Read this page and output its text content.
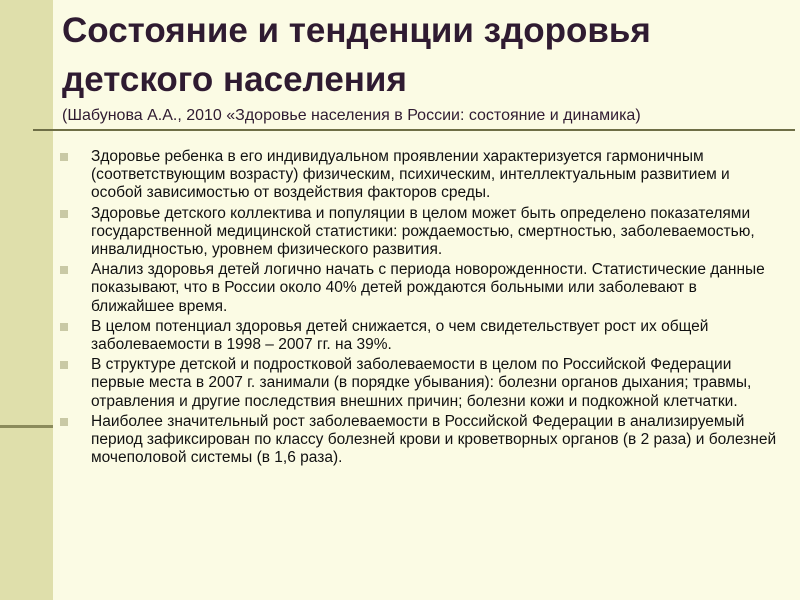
Состояние и тенденции здоровья детского населения

(Шабунова А.А., 2010 «Здоровье населения в России: состояние и динамика)

Здоровье ребенка в его индивидуальном проявлении характеризуется гармоничным (соответствующим возрасту) физическим, психическим, интеллектуальным развитием и особой зависимостью от воздействия факторов среды.
Здоровье детского коллектива и популяции в целом может быть определено показателями государственной медицинской статистики: рождаемостью, смертностью, заболеваемостью, инвалидностью, уровнем физического развития.
Анализ здоровья детей логично начать с периода новорожденности. Статистические данные показывают, что в России около 40% детей рождаются больными или заболевают в ближайшее время.
В целом потенциал здоровья детей снижается, о чем свидетельствует рост их общей заболеваемости в 1998 – 2007 гг. на 39%.
В структуре детской и подростковой заболеваемости в целом по Российской Федерации первые места в 2007 г. занимали (в порядке убывания): болезни органов дыхания; травмы, отравления и другие последствия внешних причин; болезни кожи и подкожной клетчатки.
Наиболее значительный рост заболеваемости в Российской Федерации в анализируемый период зафиксирован по классу болезней крови и кроветворных органов (в 2 раза) и болезней мочеполовой системы (в 1,6 раза).
